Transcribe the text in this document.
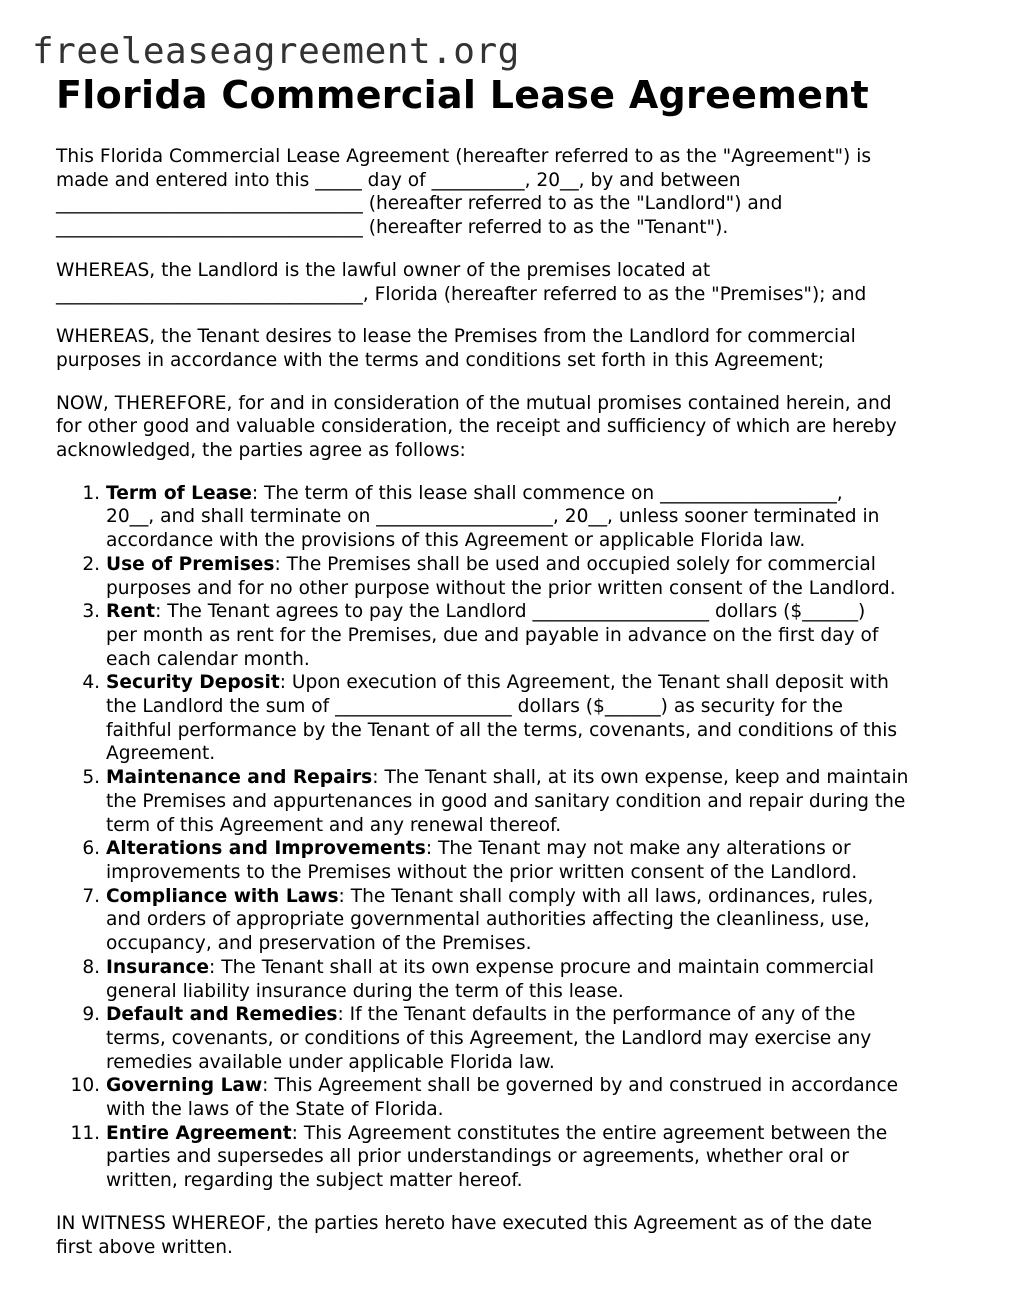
freeleaseagreement.org
Florida Commercial Lease Agreement

This Florida Commercial Lease Agreement (hereafter referred to as the "Agreement") is
made and entered into this _____ day of __________, 20__, by and between
_________________________________ (hereafter referred to as the "Landlord") and
_________________________________ (hereafter referred to as the "Tenant").

WHEREAS, the Landlord is the lawful owner of the premises located at
_________________________________, Florida (hereafter referred to as the "Premises"); and

WHEREAS, the Tenant desires to lease the Premises from the Landlord for commercial
purposes in accordance with the terms and conditions set forth in this Agreement;

NOW, THEREFORE, for and in consideration of the mutual promises contained herein, and
for other good and valuable consideration, the receipt and sufficiency of which are hereby
acknowledged, the parties agree as follows:

1. Term of Lease: The term of this lease shall commence on ___________________,
20__, and shall terminate on ___________________, 20__, unless sooner terminated in
accordance with the provisions of this Agreement or applicable Florida law.
2. Use of Premises: The Premises shall be used and occupied solely for commercial
purposes and for no other purpose without the prior written consent of the Landlord.
3. Rent: The Tenant agrees to pay the Landlord ___________________ dollars ($______)
per month as rent for the Premises, due and payable in advance on the first day of
each calendar month.
4. Security Deposit: Upon execution of this Agreement, the Tenant shall deposit with
the Landlord the sum of ___________________ dollars ($______) as security for the
faithful performance by the Tenant of all the terms, covenants, and conditions of this
Agreement.
5. Maintenance and Repairs: The Tenant shall, at its own expense, keep and maintain
the Premises and appurtenances in good and sanitary condition and repair during the
term of this Agreement and any renewal thereof.
6. Alterations and Improvements: The Tenant may not make any alterations or
improvements to the Premises without the prior written consent of the Landlord.
7. Compliance with Laws: The Tenant shall comply with all laws, ordinances, rules,
and orders of appropriate governmental authorities affecting the cleanliness, use,
occupancy, and preservation of the Premises.
8. Insurance: The Tenant shall at its own expense procure and maintain commercial
general liability insurance during the term of this lease.
9. Default and Remedies: If the Tenant defaults in the performance of any of the
terms, covenants, or conditions of this Agreement, the Landlord may exercise any
remedies available under applicable Florida law.
10. Governing Law: This Agreement shall be governed by and construed in accordance
with the laws of the State of Florida.
11. Entire Agreement: This Agreement constitutes the entire agreement between the
parties and supersedes all prior understandings or agreements, whether oral or
written, regarding the subject matter hereof.

IN WITNESS WHEREOF, the parties hereto have executed this Agreement as of the date
first above written.
